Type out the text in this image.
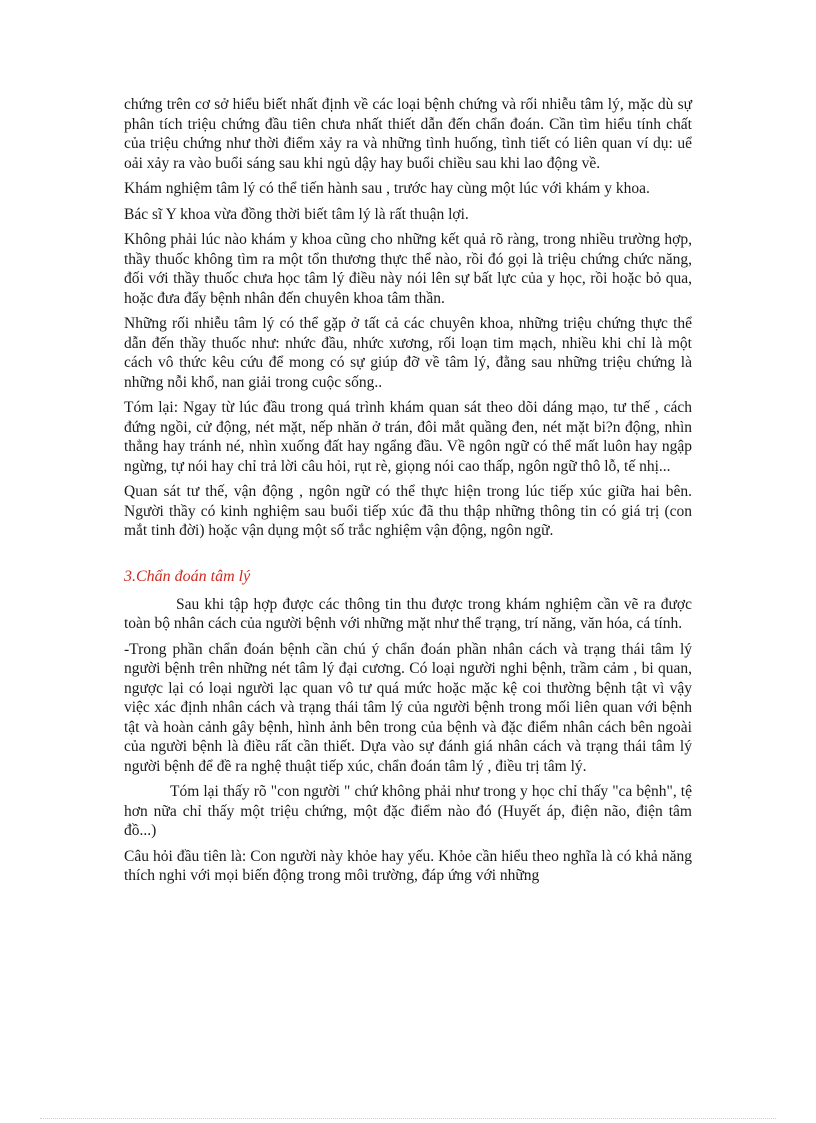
chứng trên cơ sở hiểu biết nhất định về các loại bệnh chứng và rối nhiễu tâm lý, mặc dù sự phân tích triệu chứng đầu tiên chưa nhất thiết dẫn đến chẩn đoán. Cần tìm hiểu tính chất của triệu chứng như thời điểm xảy ra và những tình huống, tình tiết có liên quan ví dụ: uể oải xảy ra vào buổi sáng sau khi ngủ dậy hay buổi chiều sau khi lao động về.

Khám nghiệm tâm lý có thể tiến hành sau , trước hay cùng một lúc với khám y khoa.

Bác sĩ Y khoa vừa đồng thời biết tâm lý là rất thuận lợi.

Không phải lúc nào khám y khoa cũng cho những kết quả rõ ràng, trong nhiều trường hợp, thầy thuốc không tìm ra một tổn thương thực thể nào, rồi đó gọi là triệu chứng chức năng, đối với thầy thuốc chưa học tâm lý điều này nói lên sự bất lực của y học, rồi hoặc bỏ qua, hoặc đưa đẩy bệnh nhân đến chuyên khoa tâm thần.

Những rối nhiễu tâm lý có thể gặp ở tất cả các chuyên khoa, những triệu chứng thực thể dẫn đến thầy thuốc như: nhức đầu, nhức xương, rối loạn tim mạch, nhiều khi chỉ là một cách vô thức kêu cứu để mong có sự giúp đỡ về tâm lý, đằng sau những triệu chứng là những nỗi khổ, nan giải trong cuộc sống..

Tóm lại: Ngay từ lúc đầu trong quá trình khám quan sát theo dõi dáng mạo, tư thế , cách đứng ngồi, cử động, nét mặt, nếp nhăn ở trán, đôi mắt quầng đen, nét mặt bi?n động, nhìn thẳng hay tránh né, nhìn xuống đất hay ngẩng đầu. Về ngôn ngữ có thể mất luôn hay ngập ngừng, tự nói hay chỉ trả lời câu hỏi, rụt rè, giọng nói cao thấp, ngôn ngữ thô lỗ, tế nhị...

Quan sát tư thế, vận động , ngôn ngữ có thể thực hiện trong lúc tiếp xúc giữa hai bên. Người thầy có kinh nghiệm sau buổi tiếp xúc đã thu thập những thông tin có giá trị (con mắt tinh đời) hoặc vận dụng một số trắc nghiệm vận động, ngôn ngữ.

3.Chẩn đoán tâm lý

Sau khi tập hợp được các thông tin thu được trong khám nghiệm cần vẽ ra được toàn bộ nhân cách của người bệnh với những mặt như thể trạng, trí năng, văn hóa, cá tính.

-Trong phần chẩn đoán bệnh cần chú ý chẩn đoán phần nhân cách và trạng thái tâm lý người bệnh trên những nét tâm lý đại cương. Có loại người nghi bệnh, trầm cảm , bi quan, ngược lại có loại người lạc quan vô tư quá mức hoặc mặc kệ coi thường bệnh tật vì vậy việc xác định nhân cách và trạng thái tâm lý của người bệnh trong mối liên quan với bệnh tật và hoàn cảnh gây bệnh, hình ảnh bên trong của bệnh và đặc điểm nhân cách bên ngoài của người bệnh là điều rất cần thiết. Dựa vào sự đánh giá nhân cách và trạng thái tâm lý người bệnh để đề ra nghệ thuật tiếp xúc, chẩn đoán tâm lý , điều trị tâm lý.

Tóm lại thấy rõ "con người " chứ không phải như trong y học chỉ thấy "ca bệnh", tệ hơn nữa chỉ thấy một triệu chứng, một đặc điểm nào đó (Huyết áp, điện não, điện tâm đồ...)

Câu hỏi đầu tiên là: Con người này khỏe hay yếu. Khỏe cần hiểu theo nghĩa là có khả năng thích nghi với mọi biến động trong môi trường, đáp ứng với những
